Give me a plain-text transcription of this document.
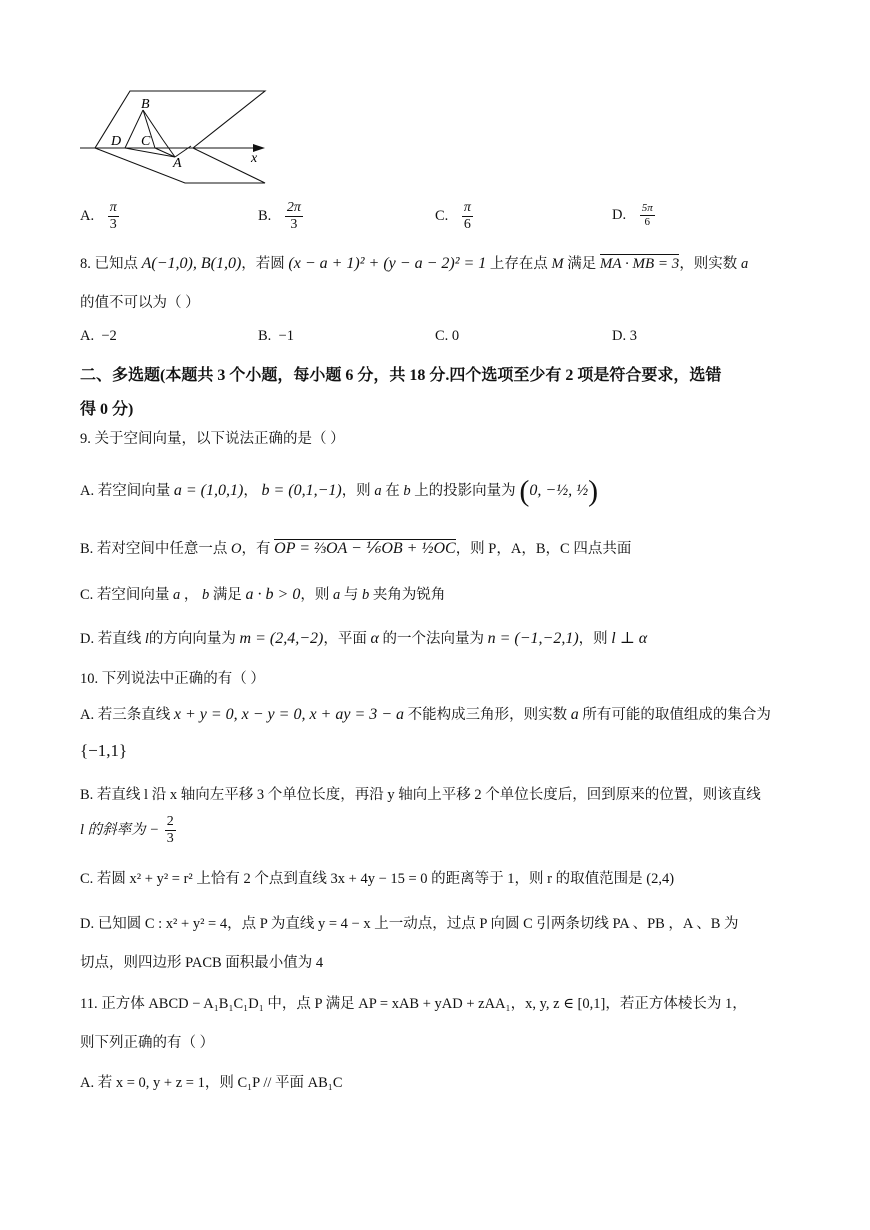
B
D C
A	x
A. $\frac{\pi}{3}$	B. $\frac{2\pi}{3}$	C. $\frac{\pi}{6}$	D. $\frac{5\pi}{6}$
8. 已知点 A(−1,0), B(1,0)，若圆 (x − a + 1)² + (y − a − 2)² = 1 上存在点 M 满足 MA · MB = 3，则实数 a
的值不可以为（ ）
A. −2	B. −1	C. 0	D. 3
二、多选题(本题共 3 个小题，每小题 6 分，共 18 分.四个选项至少有 2 项是符合要求，选错
得 0 分)
9. 关于空间向量，以下说法正确的是（ ）
A. 若空间向量 a = (1,0,1)， b = (0,1,−1)，则 a 在 b 上的投影向量为 (0, −½, ½)
B. 若对空间中任意一点 O，有 OP = ⅔OA − ⅙OB + ½OC，则 P，A，B，C 四点共面
C. 若空间向量 a ， b 满足 a · b > 0，则 a 与 b 夹角为锐角
D. 若直线 l的方向向量为 m = (2,4,−2)，平面 α 的一个法向量为 n = (−1,−2,1)，则 l ⊥ α
10. 下列说法中正确的有（ ）
A. 若三条直线 x + y = 0, x − y = 0, x + ay = 3 − a 不能构成三角形，则实数 a 所有可能的取值组成的集合为
{−1,1}
B. 若直线 l 沿 x 轴向左平移 3 个单位长度，再沿 y 轴向上平移 2 个单位长度后，回到原来的位置，则该直线
l 的斜率为 − $\frac{2}{3}$
C. 若圆 x² + y² = r² 上恰有 2 个点到直线 3x + 4y − 15 = 0 的距离等于 1，则 r 的取值范围是 (2,4)
D. 已知圆 C : x² + y² = 4，点 P 为直线 y = 4 − x 上一动点，过点 P 向圆 C 引两条切线 PA 、PB ，A 、B 为
切点，则四边形 PACB 面积最小值为 4
11. 正方体 ABCD − A₁B₁C₁D₁ 中，点 P 满足 AP = xAB + yAD + zAA₁，x, y, z ∈ [0,1]，若正方体棱长为 1，
则下列正确的有（ ）
A. 若 x = 0, y + z = 1，则 C₁P // 平面 AB₁C
